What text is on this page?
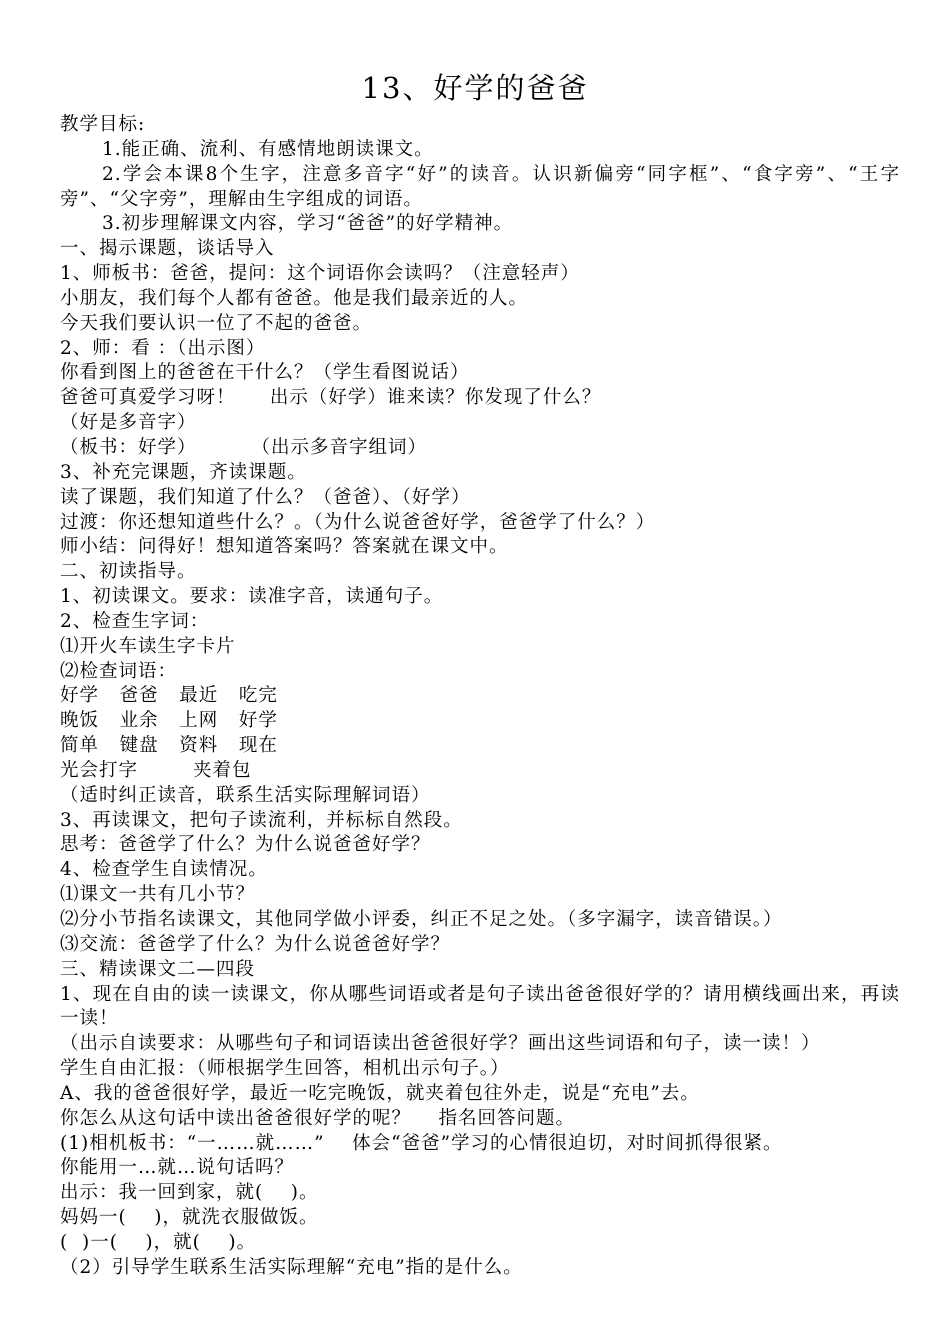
13、好学的爸爸
教学目标:
1.能正确、流利、有感情地朗读课文。
2.学会本课8个生字，注意多音字“好”的读音。认识新偏旁“同字框”、“食字旁”、“王字旁”、“父字旁”，理解由生字组成的词语。
3.初步理解课文内容，学习“爸爸”的好学精神。
一、揭示课题，谈话导入
1、师板书：爸爸，提问：这个词语你会读吗？（注意轻声）
小朋友，我们每个人都有爸爸。他是我们最亲近的人。
今天我们要认识一位了不起的爸爸。
2、师：看 ：（出示图）
你看到图上的爸爸在干什么？（学生看图说话）
爸爸可真爱学习呀！     出示（好学）谁来读？你发现了什么？
（好是多音字）
（板书：好学）        （出示多音字组词）
3、补充完课题，齐读课题。
读了课题，我们知道了什么？（爸爸）、（好学）
过渡：你还想知道些什么？。（为什么说爸爸好学，爸爸学了什么？）
师小结：问得好！想知道答案吗？答案就在课文中。
二、初读指导。
1、初读课文。要求：读准字音，读通句子。
2、检查生字词：
⑴开火车读生字卡片
⑵检查词语：
好学   爸爸   最近   吃完
晚饭   业余   上网   好学
简单   键盘   资料   现在
光会打字        夹着包
（适时纠正读音，联系生活实际理解词语）
3、再读课文，把句子读流利，并标标自然段。
思考：爸爸学了什么？为什么说爸爸好学？
4、检查学生自读情况。
⑴课文一共有几小节？
⑵分小节指名读课文，其他同学做小评委，纠正不足之处。（多字漏字，读音错误。）
⑶交流：爸爸学了什么？为什么说爸爸好学？
三、精读课文二—四段
1、现在自由的读一读课文，你从哪些词语或者是句子读出爸爸很好学的？请用横线画出来，再读一读！
（出示自读要求：从哪些句子和词语读出爸爸很好学？画出这些词语和句子，读一读！）
学生自由汇报：（师根据学生回答，相机出示句子。）
A、我的爸爸很好学，最近一吃完晚饭，就夹着包往外走，说是“充电”去。
你怎么从这句话中读出爸爸很好学的呢？    指名回答问题。
(1)相机板书：“一……就……”    体会“爸爸”学习的心情很迫切，对时间抓得很紧。
你能用一…就…说句话吗？
出示：我一回到家，就(    )。
妈妈一(    )，就洗衣服做饭。
(  )一(    )，就(    )。
（2）引导学生联系生活实际理解“充电”指的是什么。
